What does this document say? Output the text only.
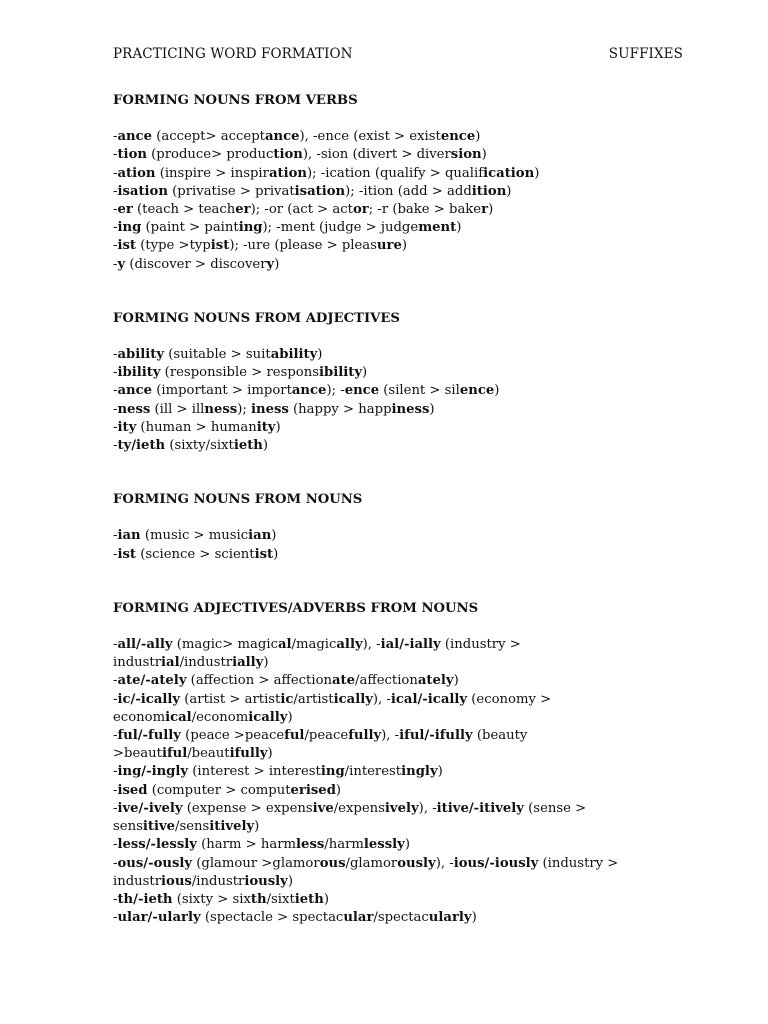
PRACTICING WORD FORMATION	SUFFIXES
FORMING NOUNS FROM VERBS
-ance (accept> acceptance), -ence (exist > existence)
-tion (produce> production), -sion (divert > diversion)
-ation (inspire > inspiration); -ication (qualify > qualification)
-isation (privatise > privatisation); -ition (add > addition)
-er (teach > teacher); -or (act > actor; -r (bake > baker)
-ing (paint > painting); -ment (judge > judgement)
-ist (type >typist); -ure (please > pleasure)
-y (discover > discovery)
FORMING NOUNS FROM ADJECTIVES
-ability (suitable > suitability)
-ibility (responsible > responsibility)
-ance (important > importance); -ence (silent > silence)
-ness (ill > illness); iness (happy > happiness)
-ity (human > humanity)
-ty/ieth (sixty/sixtieth)
FORMING NOUNS FROM NOUNS
-ian (music > musician)
-ist (science > scientist)
FORMING ADJECTIVES/ADVERBS FROM NOUNS
-all/-ally (magic> magical/magically), -ial/-ially (industry >
industrial/industrially)
-ate/-ately (affection > affectionate/affectionately)
-ic/-ically (artist > artistic/artistically), -ical/-ically (economy >
economical/economically)
-ful/-fully (peace >peaceful/peacefully), -iful/-ifully (beauty
>beautiful/beautifully)
-ing/-ingly (interest > interesting/interestingly)
-ised (computer > computerised)
-ive/-ively (expense > expensive/expensively), -itive/-itively (sense >
sensitive/sensitively)
-less/-lessly (harm > harmless/harmlessly)
-ous/-ously (glamour >glamorous/glamorously), -ious/-iously (industry >
industrious/industriously)
-th/-ieth (sixty > sixth/sixtieth)
-ular/-ularly (spectacle > spectacular/spectacularly)
